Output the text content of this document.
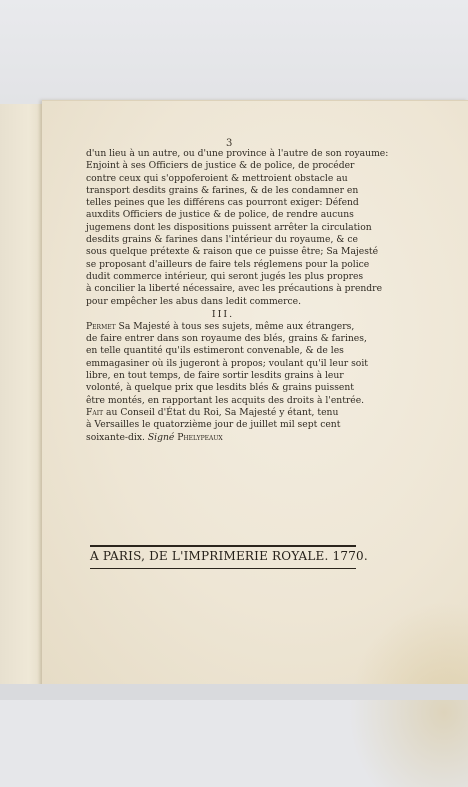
3

d'un lieu à un autre, ou d'une province à l'autre de son royaume:
Enjoint à ses Officiers de justice & de police, de procéder
contre ceux qui s'oppoferoient & mettroient obstacle au
transport desdits grains & farines, & de les condamner en
telles peines que les différens cas pourront exiger: Défend
auxdits Officiers de justice & de police, de rendre aucuns
jugemens dont les dispositions puissent arrêter la circulation
desdits grains & farines dans l'intérieur du royaume, & ce
sous quelque prétexte & raison que ce puisse être; Sa Majesté
se proposant d'ailleurs de faire tels réglemens pour la police
dudit commerce intérieur, qui seront jugés les plus propres
à concilier la liberté nécessaire, avec les précautions à prendre
pour empêcher les abus dans ledit commerce.

III.

Permet Sa Majesté à tous ses sujets, même aux étrangers,
de faire entrer dans son royaume des blés, grains & farines,
en telle quantité qu'ils estimeront convenable, & de les
emmagasiner où ils jugeront à propos; voulant qu'il leur soit
libre, en tout temps, de faire sortir lesdits grains à leur
volonté, à quelque prix que lesdits blés & grains puissent
être montés, en rapportant les acquits des droits à l'entrée.
Fait au Conseil d'État du Roi, Sa Majesté y étant, tenu
à Versailles le quatorzième jour de juillet mil sept cent
soixante-dix. Signé Phelypeaux

A PARIS, DE L'IMPRIMERIE ROYALE. 1770.
